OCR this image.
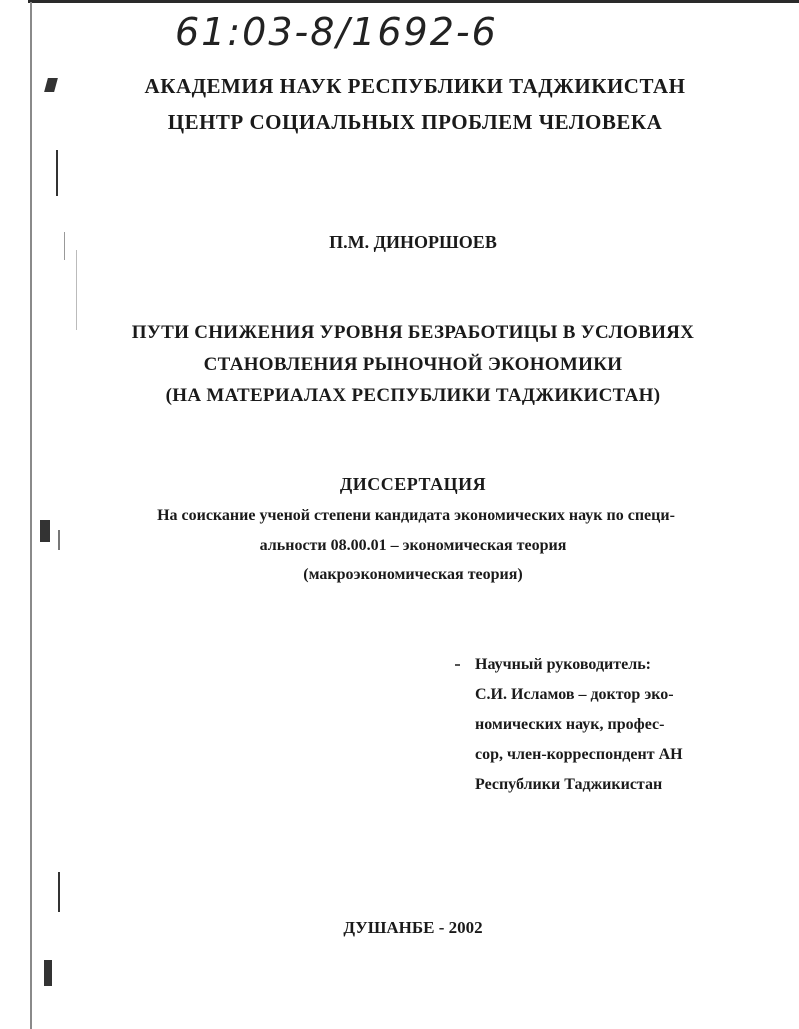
61:03-8/1692-6
АКАДЕМИЯ НАУК РЕСПУБЛИКИ ТАДЖИКИСТАН
ЦЕНТР СОЦИАЛЬНЫХ ПРОБЛЕМ ЧЕЛОВЕКА
П.М. ДИНОРШОЕВ
ПУТИ СНИЖЕНИЯ УРОВНЯ БЕЗРАБОТИЦЫ В УСЛОВИЯХ
СТАНОВЛЕНИЯ РЫНОЧНОЙ ЭКОНОМИКИ
(НА МАТЕРИАЛАХ РЕСПУБЛИКИ ТАДЖИКИСТАН)
ДИССЕРТАЦИЯ
На соискание ученой степени кандидата экономических наук по специ-
альности 08.00.01 – экономическая теория
(макроэкономическая теория)
Научный руководитель:
С.И. Исламов – доктор эко-
номических наук, профес-
сор, член-корреспондент АН
Республики Таджикистан
ДУШАНБЕ - 2002
